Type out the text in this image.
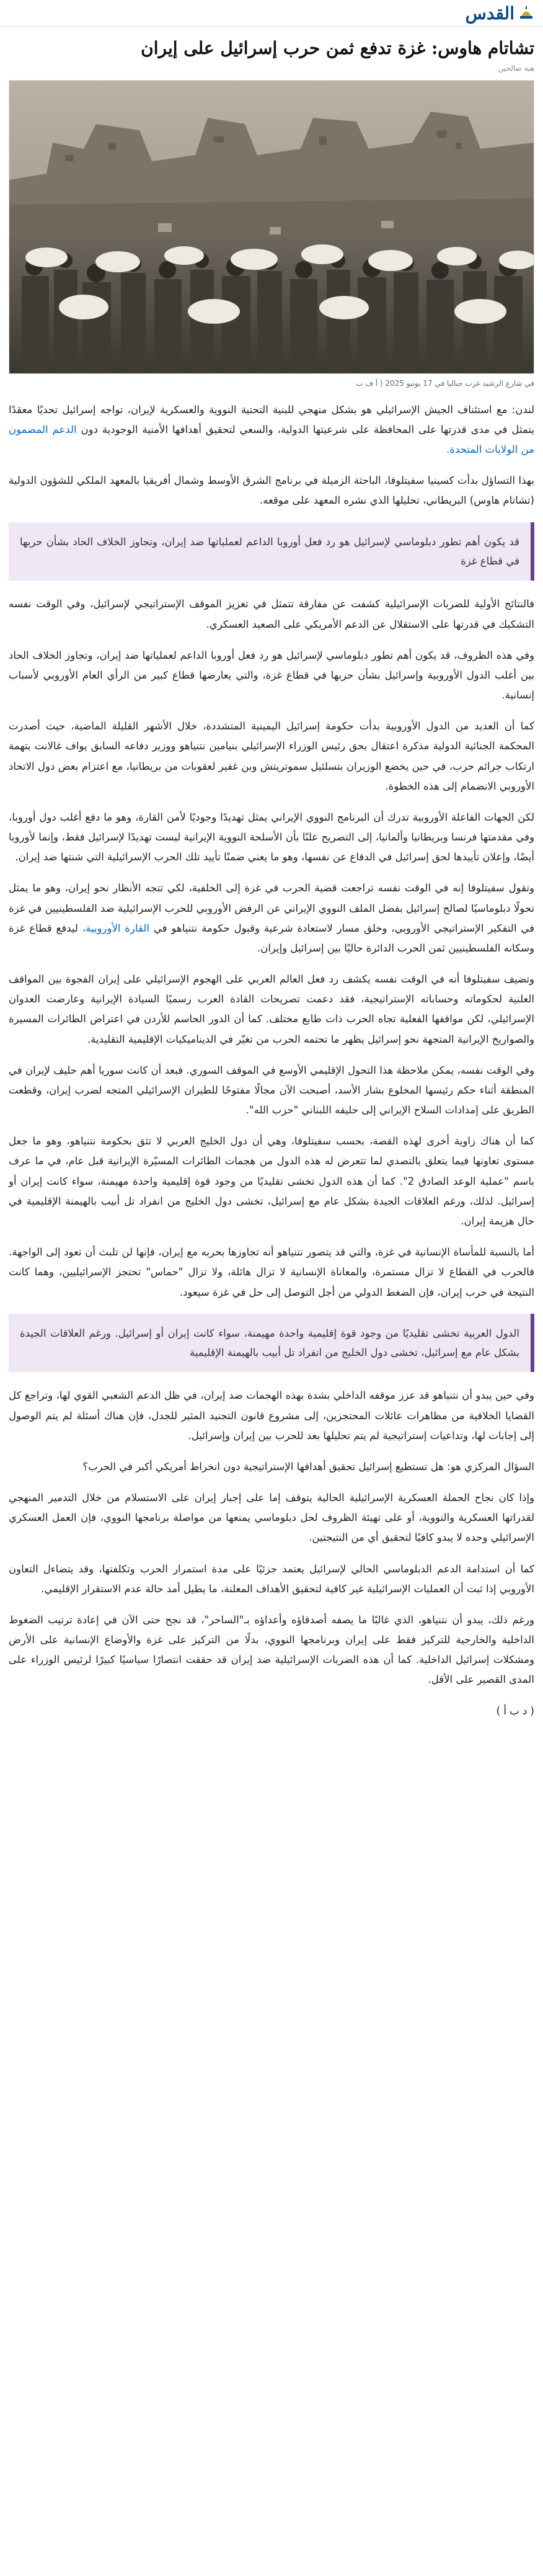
القدس
تشاتام هاوس: غزة تدفع ثمن حرب إسرائيل على إيران
هبة صالحين
في شارع الرشيد غرب جباليا في 17 يونيو 2025 ( أ ف ب

لندن: مع استئناف الجيش الإسرائيلي هو بشكل منهجي للبنية التحتية النووية والعسكرية لإيران، تواجه إسرائيل تحديًا معقدًا يتمثل في مدى قدرتها على المحافظة على شرعيتها الدولية، والسعي لتحقيق أهدافها الأمنية الوجودية دون الدعم المضمون من الولايات المتحدة.

بهذا التساؤل بدأت كسينيا سفيتلوفا، الباحثة الزميلة في برنامج الشرق الأوسط وشمال أفريقيا بالمعهد الملكي للشؤون الدولية (تشاتام هاوس) البريطاني، تحليلها الذي نشره المعهد على موقعه.

قد يكون أهم تطور دبلوماسي لإسرائيل هو رد فعل أوروبا الداعم لعملياتها ضد إيران، وتجاوز الخلاف الحاد بشأن حربها في قطاع غزة

فالنتائج الأولية للضربات الإسرائيلية كشفت عن مفارقة تتمثل في تعزيز الموقف الإستراتيجي لإسرائيل، وفي الوقت نفسه التشكيك في قدرتها على الاستقلال عن الدعم الأمريكي على الصعيد العسكري.

وفي هذه الظروف، قد يكون أهم تطور دبلوماسي لإسرائيل هو رد فعل أوروبا الداعم لعملياتها ضد إيران، وتجاوز الخلاف الحاد بين أغلب الدول الأوروبية وإسرائيل بشأن حربها في قطاع غزة، والتي يعارضها قطاع كبير من الرأي العام الأوروبي لأسباب إنسانية.

كما أن العديد من الدول الأوروبية بدأت حكومة إسرائيل اليمينية المتشددة، خلال الأشهر القليلة الماضية، حيث أصدرت المحكمة الجنائية الدولية مذكرة اعتقال بحق رئيس الوزراء الإسرائيلي بنيامين نتنياهو ووزير دفاعه السابق يواف غالانت بتهمة ارتكاب جرائم حرب، في حين يخضع الوزيران بتسلئيل سموتريتش وبن غفير لعقوبات من بريطانيا، مع اعتزام بعض دول الاتحاد الأوروبي الانضمام إلى هذه الخطوة.

لكن الجهات الفاعلة الأوروبية تدرك أن البرنامج النووي الإيراني يمثل تهديدًا وجوديًا لأمن القارة، وهو ما دفع أغلب دول أوروبا، وفي مقدمتها فرنسا وبريطانيا وألمانيا، إلى التصريح علنًا بأن الأسلحة النووية الإيرانية ليست تهديدًا لإسرائيل فقط، وإنما لأوروبا أيضًا، وإعلان تأييدها لحق إسرائيل في الدفاع عن نفسها، وهو ما يعني ضمنًا تأييد تلك الحرب الإسرائيلية التي شنتها ضد إيران.

وتقول سفيتلوفا إنه في الوقت نفسه تراجعت قضية الحرب في غزة إلى الخلفية، لكي تتجه الأنظار نحو إيران، وهو ما يمثل تحولًا دبلوماسيًا لصالح إسرائيل بفضل الملف النووي الإيراني عن الرفض الأوروبي للحرب الإسرائيلية ضد الفلسطينيين في غزة في التفكير الإستراتيجي الأوروبي، وخلق مسار لاستعادة شرعية وقبول حكومة نتنياهو في القارة الأوروبية، ليدفع قطاع غزة وسكانه الفلسطينيين ثمن الحرب الدائرة حاليًا بين إسرائيل وإيران.

وتضيف سفيتلوفا أنه في الوقت نفسه يكشف رد فعل العالم العربي على الهجوم الإسرائيلي على إيران الفجوة بين المواقف العلنية لحكوماته وحساباته الإستراتيجية، فقد دعمت تصريحات القادة العرب رسميًا السيادة الإيرانية وعارضت العدوان الإسرائيلي، لكن مواقفها الفعلية تجاه الحرب ذات طابع مختلف. كما أن الدور الحاسم للأردن في اعتراض الطائرات المسيرة والصواريخ الإيرانية المتجهة نحو إسرائيل يظهر ما تحتمه الحرب من تغيّر في الديناميكيات الإقليمية التقليدية.

وفي الوقت نفسه، يمكن ملاحظة هذا التحول الإقليمي الأوسع في الموقف السوري. فبعد أن كانت سوريا أهم حليف لإيران في المنطقة أثناء حكم رئيسها المخلوع بشار الأسد، أصبحت الآن مجالًا مفتوحًا للطيران الإسرائيلي المتجه لضرب إيران، وقطعت الطريق على إمدادات السلاح الإيراني إلى حليفه اللبناني "حزب الله".

كما أن هناك زاوية أخرى لهذه القصة، بحسب سفيتلوفا، وهي أن دول الخليج العربي لا تثق بحكومة نتنياهو، وهو ما جعل مستوى تعاونها فيما يتعلق بالتصدي لما تتعرض له هذه الدول من هجمات الطائرات المسيّرة الإيرانية قبل عام، في ما عرف باسم "عملية الوعد الصادق 2". كما أن هذه الدول تخشى تقليديًا من وجود قوة إقليمية واحدة مهيمنة، سواء كانت إيران أو إسرائيل. لذلك، ورغم العلاقات الجيدة بشكل عام مع إسرائيل، تخشى دول الخليج من انفراد تل أبيب بالهيمنة الإقليمية في حال هزيمة إيران.

أما بالنسبة للمأساة الإنسانية في غزة، والتي قد يتصور نتنياهو أنه تجاوزها بحربه مع إيران، فإنها لن تلبث أن تعود إلى الواجهة. فالحرب في القطاع لا تزال مستمرة، والمعاناة الإنسانية لا تزال هائلة، ولا تزال "حماس" تحتجز الإسرائيليين، وهما كانت النتيجة في حرب إيران، فإن الضغط الدولي من أجل التوصل إلى حل في غزة سيعود.

الدول العربية تخشى تقليديًا من وجود قوة إقليمية واحدة مهيمنة، سواء كانت إيران أو إسرائيل. ورغم العلاقات الجيدة بشكل عام مع إسرائيل، تخشى دول الخليج من انفراد تل أبيب بالهيمنة الإقليمية

وفي حين يبدو أن نتنياهو قد عزز موقفه الداخلي بشدة بهذه الهجمات ضد إيران، في ظل الدعم الشعبي القوي لها، وتراجع كل القضايا الخلافية من مظاهرات عائلات المحتجزين، إلى مشروع قانون التجنيد المثير للجدل، فإن هناك أسئلة لم يتم الوصول إلى إجابات لها، وتداعيات إستراتيجية لم يتم تحليلها بعد للحرب بين إيران وإسرائيل.

السؤال المركزي هو: هل تستطيع إسرائيل تحقيق أهدافها الإستراتيجية دون انخراط أمريكي أكبر في الحرب؟

وإذا كان نجاح الحملة العسكرية الإسرائيلية الحالية يتوقف إما على إجبار إيران على الاستسلام من خلال التدمير المنهجي لقدراتها العسكرية والنووية، أو على تهيئة الظروف لحل دبلوماسي يمنعها من مواصلة برنامجها النووي، فإن العمل العسكري الإسرائيلي وحده لا يبدو كافيًا لتحقيق أي من النتيجتين.

كما أن استدامة الدعم الدبلوماسي الحالي لإسرائيل يعتمد جزئيًا على مدة استمرار الحرب وتكلفتها، وقد يتضاءل التعاون الأوروبي إذا ثبت أن العمليات الإسرائيلية غير كافية لتحقيق الأهداف المعلنة، ما يطيل أمد حالة عدم الاستقرار الإقليمي.

ورغم ذلك، يبدو أن نتنياهو، الذي غالبًا ما يصفه أصدقاؤه وأعداؤه بـ"الساحر"، قد نجح حتى الآن في إعادة ترتيب الضغوط الداخلية والخارجية للتركيز فقط على إيران وبرنامجها النووي، بدلًا من التركيز على غزة والأوضاع الإنسانية على الأرض ومشكلات إسرائيل الداخلية. كما أن هذه الضربات الإسرائيلية ضد إيران قد حققت انتصارًا سياسيًا كبيرًا لرئيس الوزراء على المدى القصير على الأقل.

( د ب أ )
